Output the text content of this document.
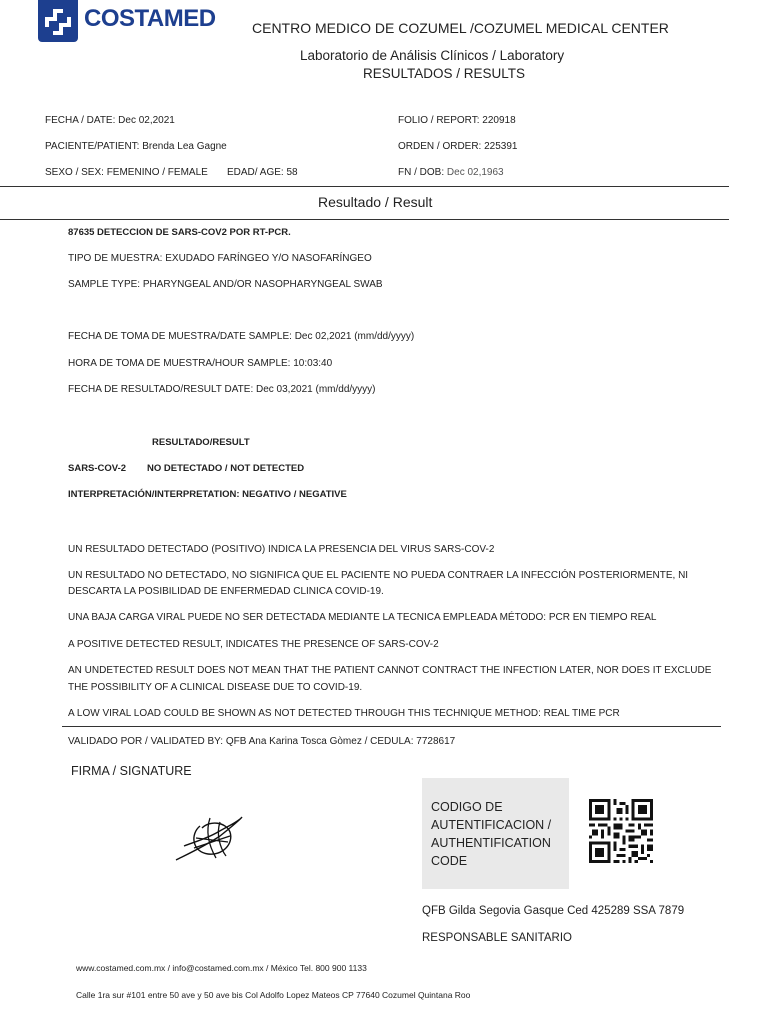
COSTAMED	CENTRO MEDICO DE COZUMEL /COZUMEL MEDICAL CENTER
Laboratorio de Análisis Clínicos / Laboratory
RESULTADOS / RESULTS
FECHA / DATE: Dec 02,2021
PACIENTE/PATIENT: Brenda Lea Gagne
SEXO / SEX: FEMENINO / FEMALE EDAD/ AGE: 58
FOLIO / REPORT: 220918
ORDEN / ORDER: 225391
FN / DOB: Dec 02,1963
Resultado / Result
87635 DETECCION DE SARS-COV2 POR RT-PCR.
TIPO DE MUESTRA: EXUDADO FARÍNGEO Y/O NASOFARÍNGEO
SAMPLE TYPE: PHARYNGEAL AND/OR NASOPHARYNGEAL SWAB
FECHA DE TOMA DE MUESTRA/DATE SAMPLE: Dec 02,2021 (mm/dd/yyyy)
HORA DE TOMA DE MUESTRA/HOUR SAMPLE: 10:03:40
FECHA DE RESULTADO/RESULT DATE: Dec 03,2021 (mm/dd/yyyy)
RESULTADO/RESULT
SARS-COV-2 NO DETECTADO / NOT DETECTED
INTERPRETACIÓN/INTERPRETATION: NEGATIVO / NEGATIVE
UN RESULTADO DETECTADO (POSITIVO) INDICA LA PRESENCIA DEL VIRUS SARS-COV-2
UN RESULTADO NO DETECTADO, NO SIGNIFICA QUE EL PACIENTE NO PUEDA CONTRAER LA INFECCIÓN POSTERIORMENTE, NI
DESCARTA LA POSIBILIDAD DE ENFERMEDAD CLINICA COVID-19.
UNA BAJA CARGA VIRAL PUEDE NO SER DETECTADA MEDIANTE LA TECNICA EMPLEADA MÉTODO: PCR EN TIEMPO REAL
A POSITIVE DETECTED RESULT, INDICATES THE PRESENCE OF SARS-COV-2
AN UNDETECTED RESULT DOES NOT MEAN THAT THE PATIENT CANNOT CONTRACT THE INFECTION LATER, NOR DOES IT EXCLUDE
THE POSSIBILITY OF A CLINICAL DISEASE DUE TO COVID-19.
A LOW VIRAL LOAD COULD BE SHOWN AS NOT DETECTED THROUGH THIS TECHNIQUE METHOD: REAL TIME PCR
VALIDADO POR / VALIDATED BY: QFB Ana Karina Tosca Gòmez / CEDULA: 7728617
FIRMA / SIGNATURE
CODIGO DE AUTENTIFICACION / AUTHENTIFICATION CODE
QFB Gilda Segovia Gasque Ced 425289 SSA 7879
RESPONSABLE SANITARIO
www.costamed.com.mx / info@costamed.com.mx / México Tel. 800 900 1133
Calle 1ra sur #101 entre 50 ave y 50 ave bis Col Adolfo Lopez Mateos CP 77640 Cozumel Quintana Roo
